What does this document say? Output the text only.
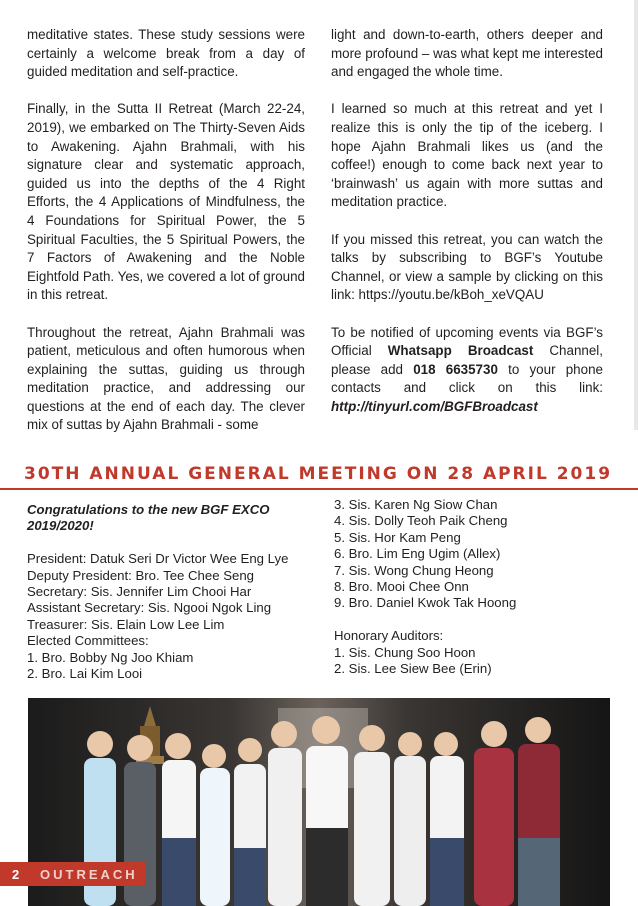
meditative states. These study sessions were certainly a welcome break from a day of guided meditation and self-practice.

Finally, in the Sutta II Retreat (March 22-24, 2019), we embarked on The Thirty-Seven Aids to Awakening. Ajahn Brahmali, with his signature clear and systematic approach, guided us into the depths of the 4 Right Efforts, the 4 Applications of Mindfulness, the 4 Foundations for Spiritual Power, the 5 Spiritual Faculties, the 5 Spiritual Powers, the 7 Factors of Awakening and the Noble Eightfold Path. Yes, we covered a lot of ground in this retreat.

Throughout the retreat, Ajahn Brahmali was patient, meticulous and often humorous when explaining the suttas, guiding us through meditation practice, and addressing our questions at the end of each day. The clever mix of suttas by Ajahn Brahmali - some

light and down-to-earth, others deeper and more profound – was what kept me interested and engaged the whole time.

I learned so much at this retreat and yet I realize this is only the tip of the iceberg. I hope Ajahn Brahmali likes us (and the coffee!) enough to come back next year to ‘brainwash’ us again with more suttas and meditation practice.

If you missed this retreat, you can watch the talks by subscribing to BGF’s Youtube Channel, or view a sample by clicking on this link: https://youtu.be/kBoh_xeVQAU

To be notified of upcoming events via BGF’s Official Whatsapp Broadcast Channel, please add 018 6635730 to your phone contacts and click on this link: http://tinyurl.com/BGFBroadcast

30TH ANNUAL GENERAL MEETING ON 28 APRIL 2019
Congratulations to the new BGF EXCO 2019/2020!
President: Datuk Seri Dr Victor Wee Eng Lye
Deputy President: Bro. Tee Chee Seng
Secretary: Sis. Jennifer Lim Chooi Har
Assistant Secretary: Sis. Ngooi Ngok Ling
Treasurer: Sis. Elain Low Lee Lim
Elected Committees:
1. Bro. Bobby Ng Joo Khiam
2. Bro. Lai Kim Looi
3. Sis. Karen Ng Siow Chan
4. Sis. Dolly Teoh Paik Cheng
5. Sis. Hor Kam Peng
6. Bro. Lim Eng Ugim (Allex)
7. Sis. Wong Chung Heong
8. Bro. Mooi Chee Onn
9. Bro. Daniel Kwok Tak Hoong
Honorary Auditors:
1. Sis. Chung Soo Hoon
2. Sis. Lee Siew Bee (Erin)
2	OUTREACH
